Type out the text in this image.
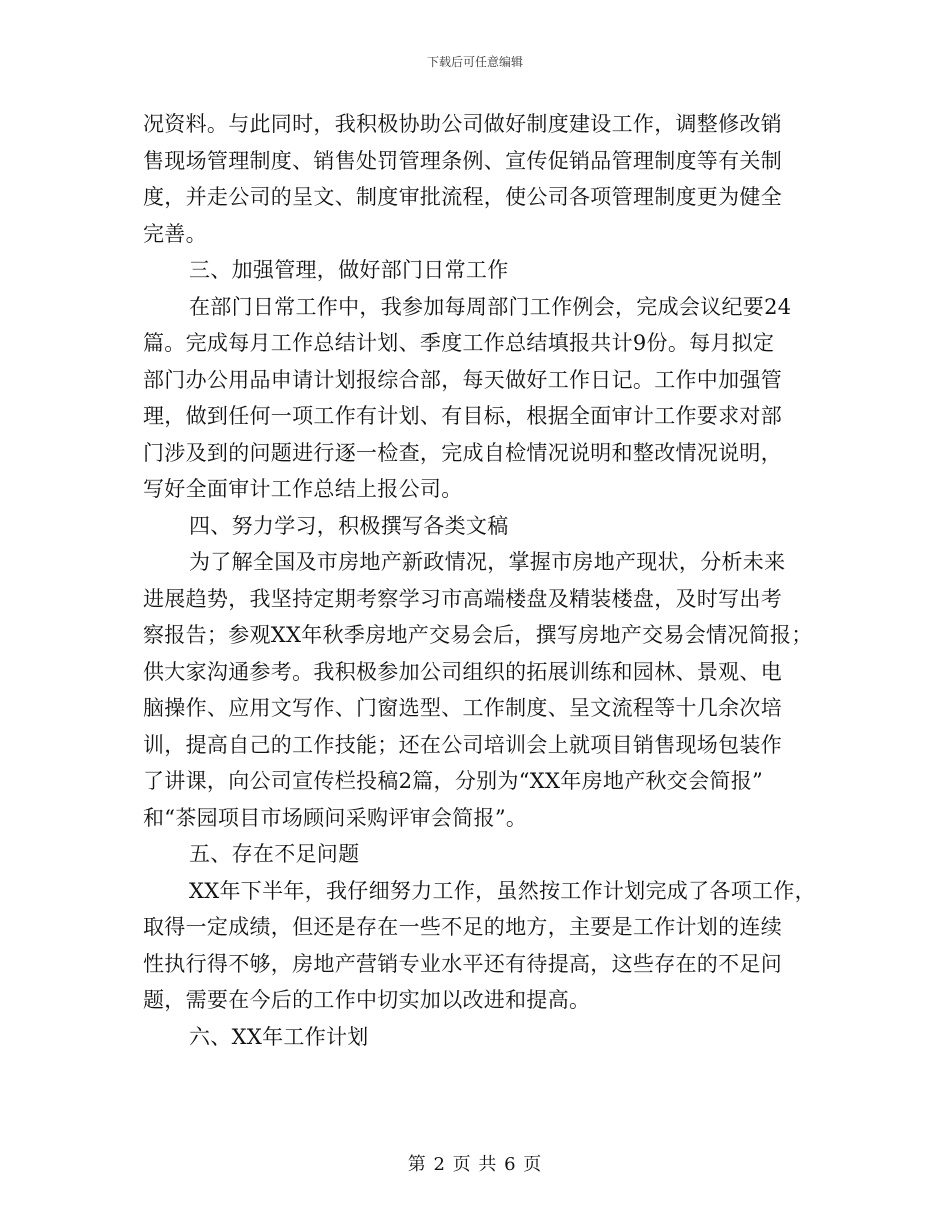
下载后可任意编辑
况资料。与此同时，我积极协助公司做好制度建设工作，调整修改销
售现场管理制度、销售处罚管理条例、宣传促销品管理制度等有关制
度，并走公司的呈文、制度审批流程，使公司各项管理制度更为健全
完善。
三、加强管理，做好部门日常工作
在部门日常工作中，我参加每周部门工作例会，完成会议纪要24
篇。完成每月工作总结计划、季度工作总结填报共计9份。每月拟定
部门办公用品申请计划报综合部，每天做好工作日记。工作中加强管
理，做到任何一项工作有计划、有目标，根据全面审计工作要求对部
门涉及到的问题进行逐一检查，完成自检情况说明和整改情况说明，
写好全面审计工作总结上报公司。
四、努力学习，积极撰写各类文稿
为了解全国及市房地产新政情况，掌握市房地产现状，分析未来
进展趋势，我坚持定期考察学习市高端楼盘及精装楼盘，及时写出考
察报告；参观XX年秋季房地产交易会后，撰写房地产交易会情况简报；
供大家沟通参考。我积极参加公司组织的拓展训练和园林、景观、电
脑操作、应用文写作、门窗选型、工作制度、呈文流程等十几余次培
训，提高自己的工作技能；还在公司培训会上就项目销售现场包装作
了讲课，向公司宣传栏投稿2篇，分别为“XX年房地产秋交会简报”
和“茶园项目市场顾问采购评审会简报”。
五、存在不足问题
XX年下半年，我仔细努力工作，虽然按工作计划完成了各项工作，
取得一定成绩，但还是存在一些不足的地方，主要是工作计划的连续
性执行得不够，房地产营销专业水平还有待提高，这些存在的不足问
题，需要在今后的工作中切实加以改进和提高。
六、XX年工作计划
第 2 页 共 6 页
